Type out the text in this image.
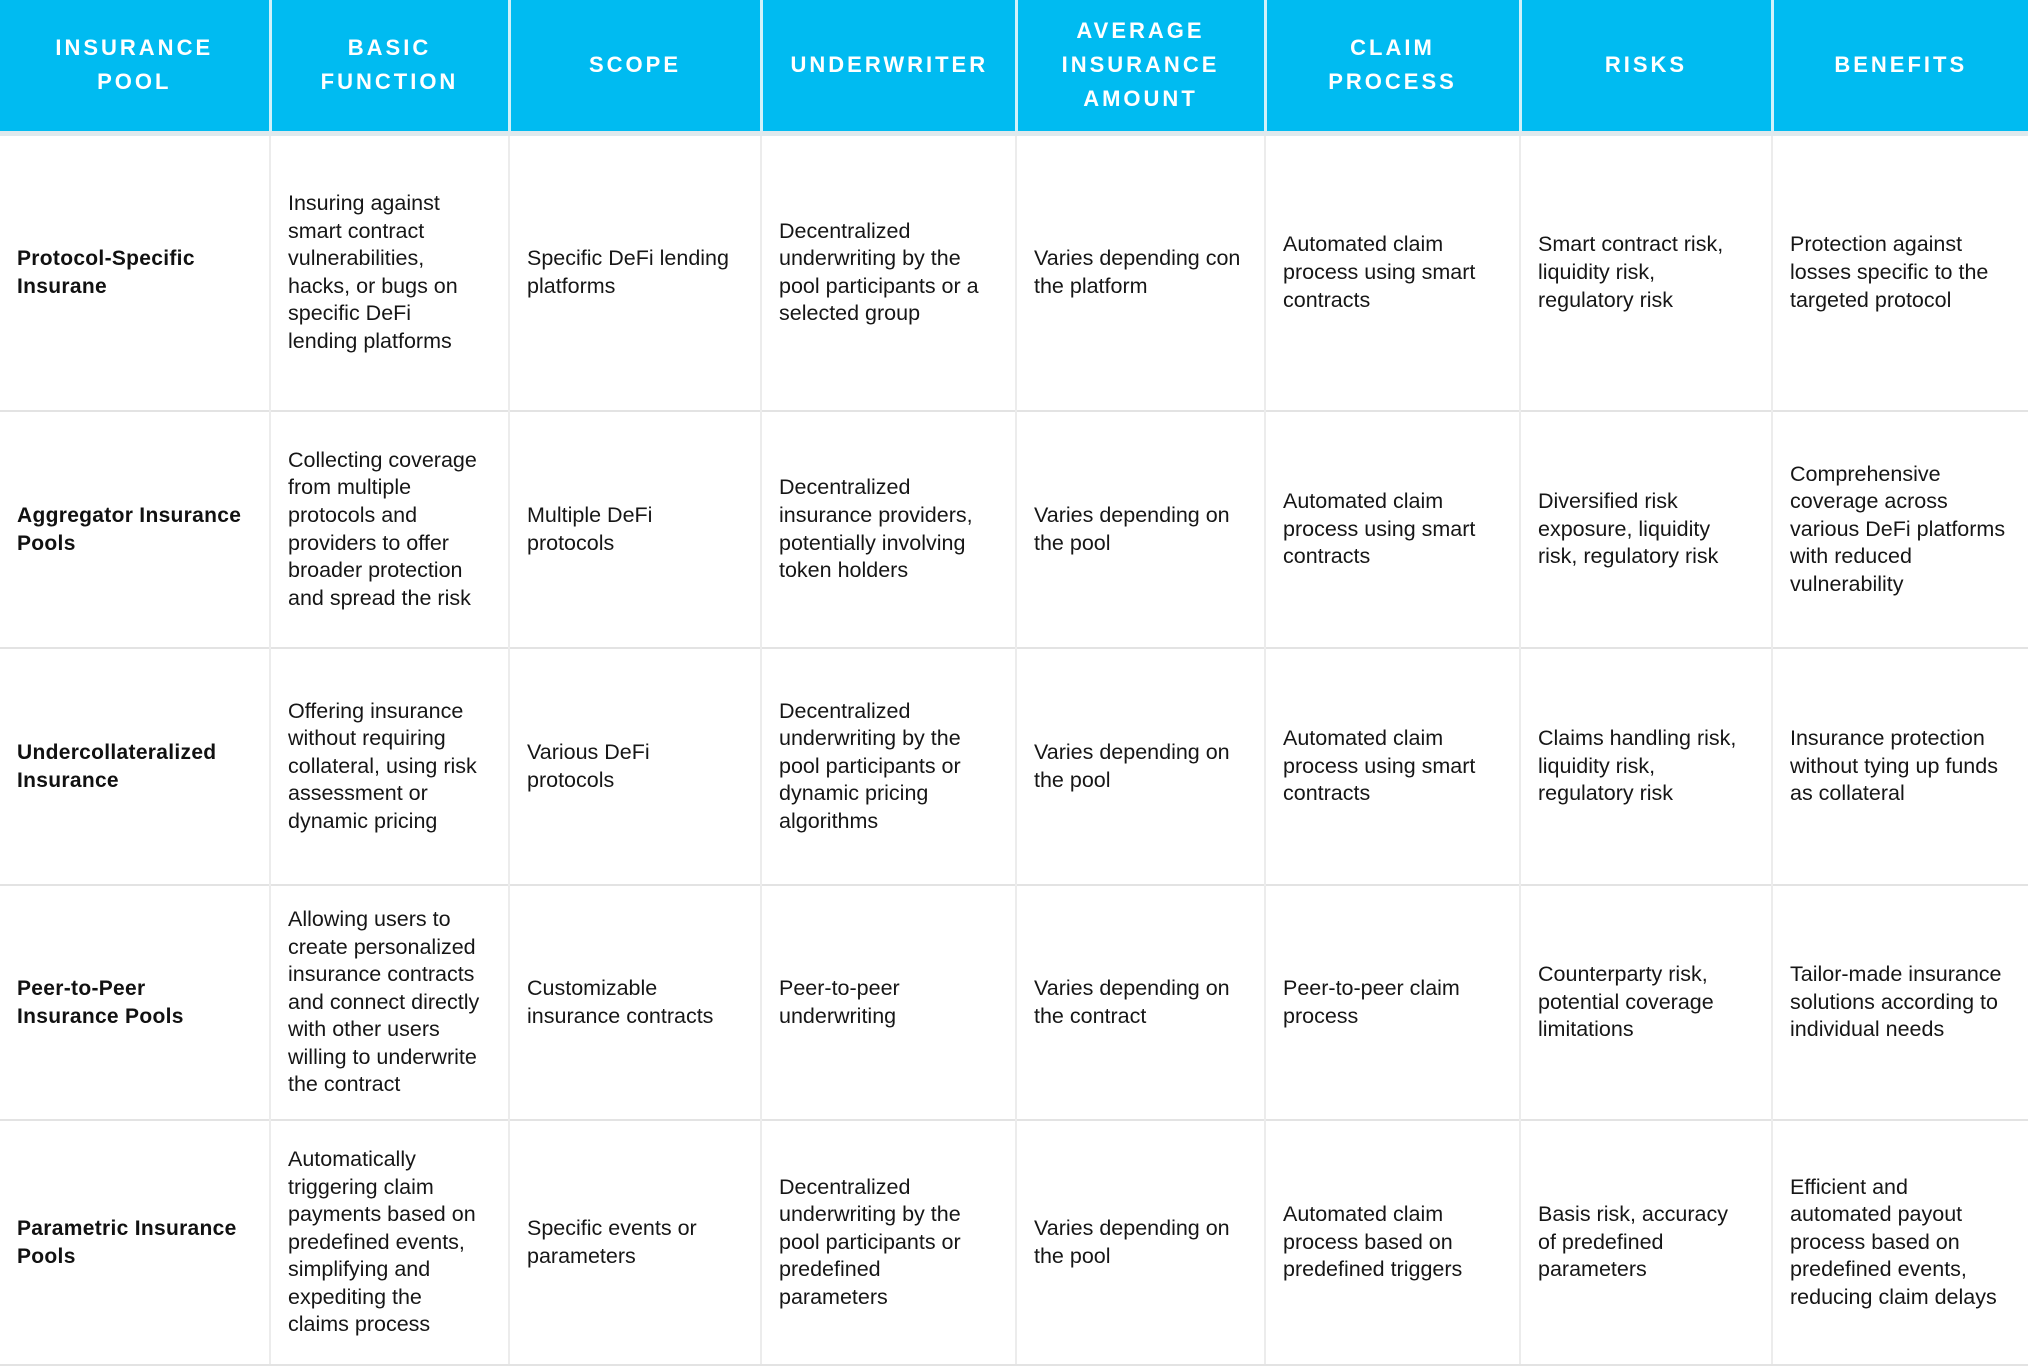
INSURANCE POOL	BASIC FUNCTION	SCOPE	UNDERWRITER	AVERAGE INSURANCE AMOUNT	CLAIM PROCESS	RISKS	BENEFITS
Protocol-Specific Insurane	Insuring against smart contract vulnerabilities, hacks, or bugs on specific DeFi lending platforms	Specific DeFi lending platforms	Decentralized underwriting by the pool participants or a selected group	Varies depending con the platform	Automated claim process using smart contracts	Smart contract risk, liquidity risk, regulatory risk	Protection against losses specific to the targeted protocol
Aggregator Insurance Pools	Collecting coverage from multiple protocols and providers to offer broader protection and spread the risk	Multiple DeFi protocols	Decentralized insurance providers, potentially involving token holders	Varies depending on the pool	Automated claim process using smart contracts	Diversified risk exposure, liquidity risk, regulatory risk	Comprehensive coverage across various DeFi platforms with reduced vulnerability
Undercollateralized Insurance	Offering insurance without requiring collateral, using risk assessment or dynamic pricing	Various DeFi protocols	Decentralized underwriting by the pool participants or dynamic pricing algorithms	Varies depending on the pool	Automated claim process using smart contracts	Claims handling risk, liquidity risk, regulatory risk	Insurance protection without tying up funds as collateral
Peer-to-Peer Insurance Pools	Allowing users to create personalized insurance contracts and connect directly with other users willing to underwrite the contract	Customizable insurance contracts	Peer-to-peer underwriting	Varies depending on the contract	Peer-to-peer claim process	Counterparty risk, potential coverage limitations	Tailor-made insurance solutions according to individual needs
Parametric Insurance Pools	Automatically triggering claim payments based on predefined events, simplifying and expediting the claims process	Specific events or parameters	Decentralized underwriting by the pool participants or predefined parameters	Varies depending on the pool	Automated claim process based on predefined triggers	Basis risk, accuracy of predefined parameters	Efficient and automated payout process based on predefined events, reducing claim delays
